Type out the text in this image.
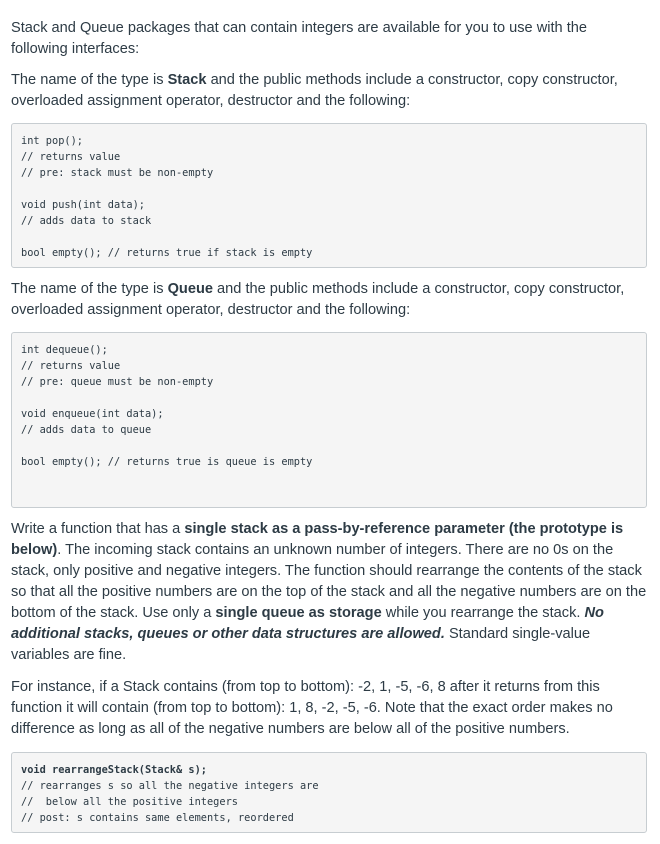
Stack and Queue packages that can contain integers are available for you to use with the following interfaces:

The name of the type is Stack and the public methods include a constructor, copy constructor, overloaded assignment operator, destructor and the following:

int pop();
// returns value
// pre: stack must be non-empty

void push(int data);
// adds data to stack

bool empty(); // returns true if stack is empty

The name of the type is Queue and the public methods include a constructor, copy constructor, overloaded assignment operator, destructor and the following:

int dequeue();
// returns value
// pre: queue must be non-empty

void enqueue(int data);
// adds data to queue

bool empty(); // returns true is queue is empty

Write a function that has a single stack as a pass-by-reference parameter (the prototype is below). The incoming stack contains an unknown number of integers. There are no 0s on the stack, only positive and negative integers. The function should rearrange the contents of the stack so that all the positive numbers are on the top of the stack and all the negative numbers are on the bottom of the stack. Use only a single queue as storage while you rearrange the stack. No additional stacks, queues or other data structures are allowed. Standard single-value variables are fine.

For instance, if a Stack contains (from top to bottom): -2, 1, -5, -6, 8 after it returns from this function it will contain (from top to bottom): 1, 8, -2, -5, -6. Note that the exact order makes no difference as long as all of the negative numbers are below all of the positive numbers.

void rearrangeStack(Stack& s);
// rearranges s so all the negative integers are
//  below all the positive integers
// post: s contains same elements, reordered
